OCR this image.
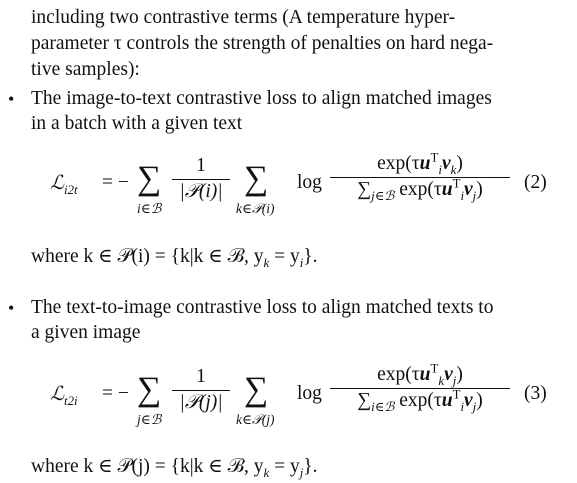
including two contrastive terms (A temperature hyper-
parameter τ controls the strength of penalties on hard nega-
tive samples):
• The image-to-text contrastive loss to align matched images
in a batch with a given text
ℒ$_{i2t}$ = − ∑
i∈ℬ
1
|𝒫(i)| ∑
k∈𝒫(i)
log
$\exp(\tau u^T_iv_k)$
$\sum_{j\in ℬ}$ $\exp(\tau u^T_iv_j)$	(2)
where k ∈ 𝒫(i) = {k|k ∈ ℬ, $y_k = y_i$}.
• The text-to-image contrastive loss to align matched texts to
a given image
ℒ$_{t2i}$ = − ∑
j∈ℬ
1
|𝒫(j)| ∑
k∈𝒫(j)
log
$\exp(\tau u^T_kv_j)$
$\sum_{i\in ℬ}$ $\exp(\tau u^T_iv_j)$	(3)
where k ∈ 𝒫(j) = {k|k ∈ ℬ, $y_k = y_j$}.
